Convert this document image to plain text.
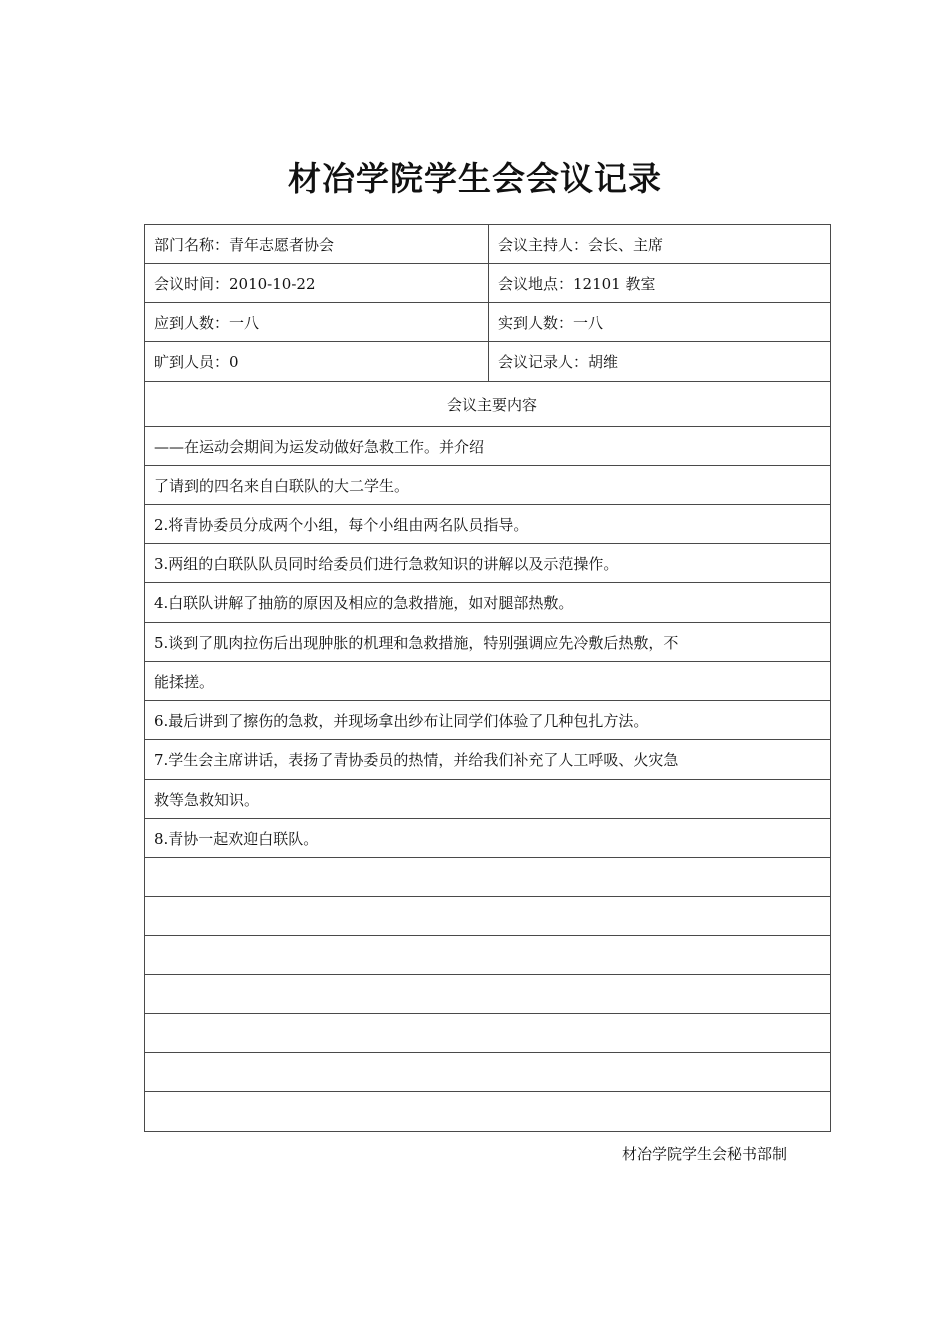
材冶学院学生会会议记录
部门名称：青年志愿者协会	会议主持人：会长、主席
会议时间：2010-10-22	会议地点：12101 教室
应到人数：一八	实到人数：一八
旷到人员：0	会议记录人：胡维
会议主要内容	
——在运动会期间为运发动做好急救工作。并介绍	
了请到的四名来自白联队的大二学生。	
2.将青协委员分成两个小组，每个小组由两名队员指导。	
3.两组的白联队队员同时给委员们进行急救知识的讲解以及示范操作。	
4.白联队讲解了抽筋的原因及相应的急救措施，如对腿部热敷。	
5.谈到了肌肉拉伤后出现肿胀的机理和急救措施，特别强调应先冷敷后热敷，不	
能揉搓。	
6.最后讲到了擦伤的急救，并现场拿出纱布让同学们体验了几种包扎方法。	
7.学生会主席讲话，表扬了青协委员的热情，并给我们补充了人工呼吸、火灾急	
救等急救知识。	
8.青协一起欢迎白联队。	

材冶学院学生会秘书部制
